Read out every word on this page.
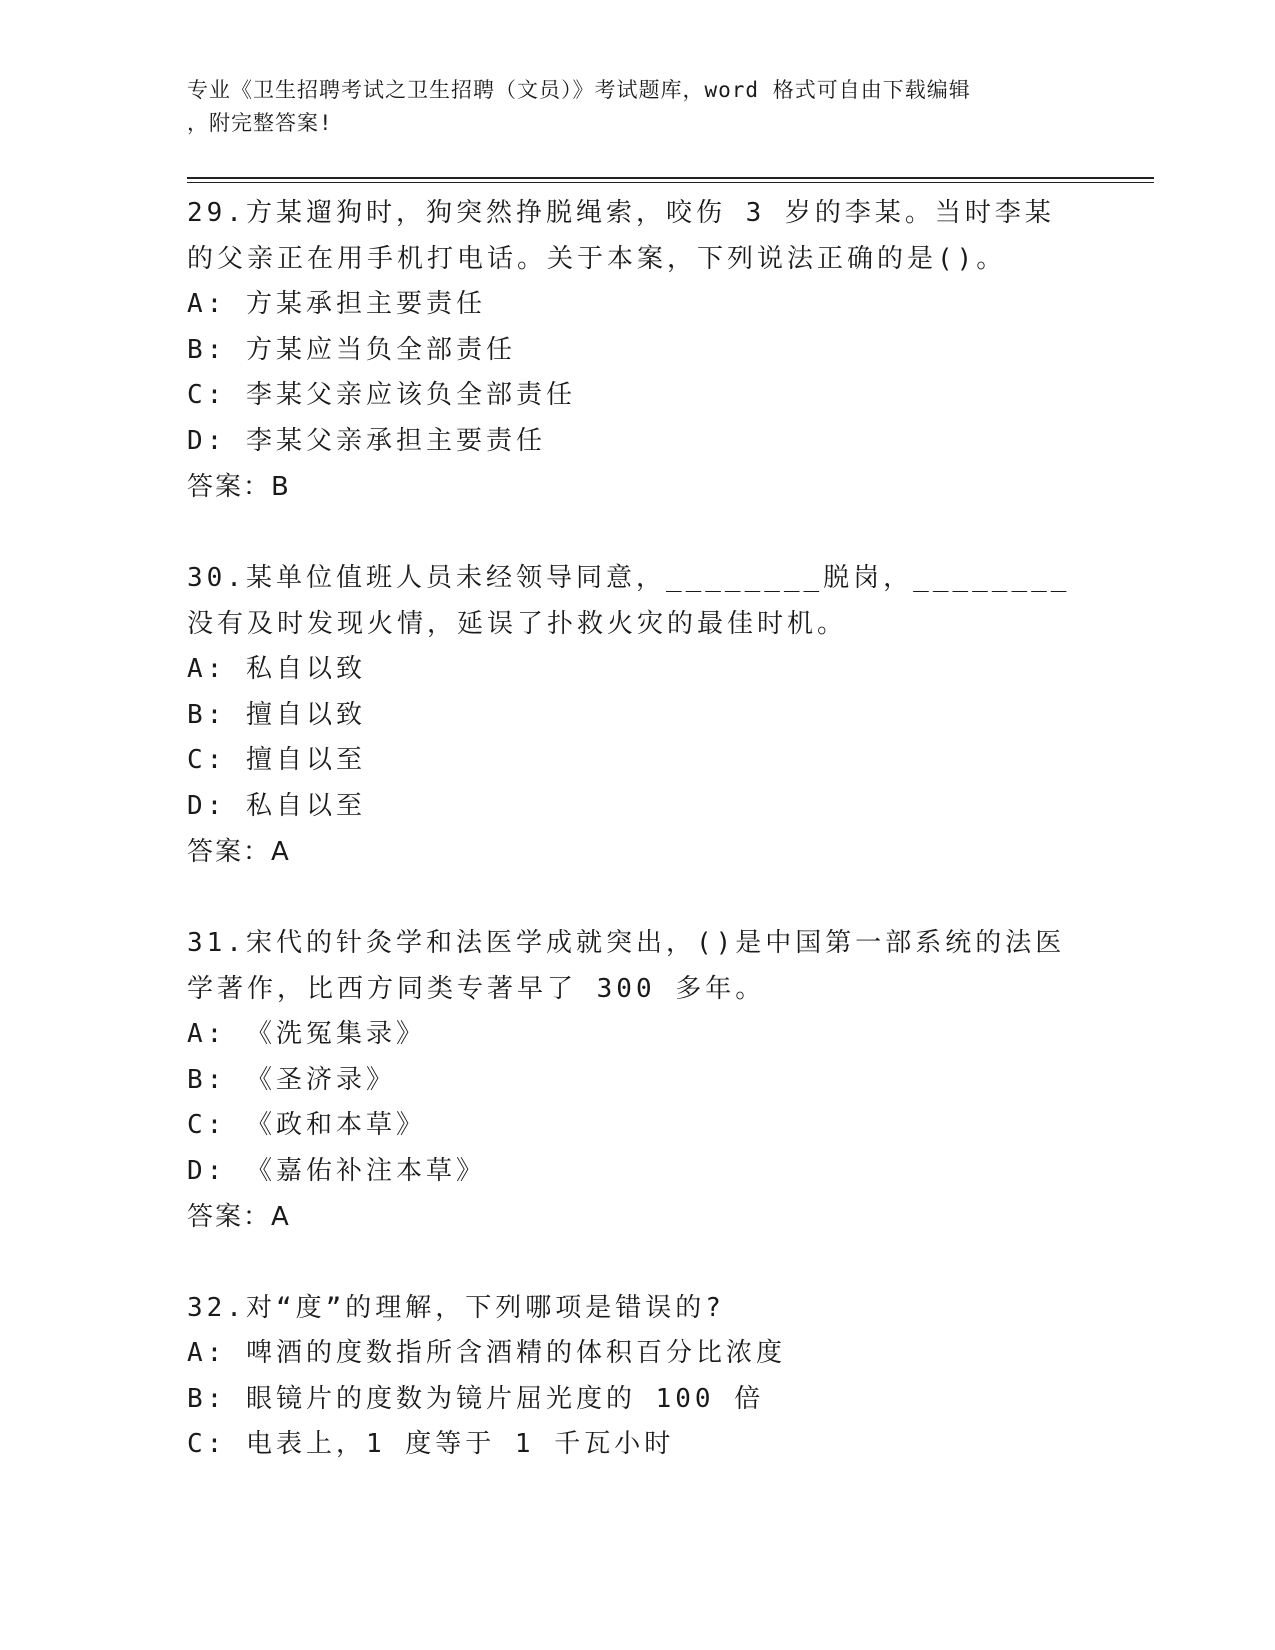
专业《卫生招聘考试之卫生招聘（文员）》考试题库，word 格式可自由下载编辑
，附完整答案!
29.方某遛狗时，狗突然挣脱绳索，咬伤 3 岁的李某。当时李某的父亲正在用手机打电话。关于本案，下列说法正确的是()。
A: 方某承担主要责任
B: 方某应当负全部责任
C: 李某父亲应该负全部责任
D: 李某父亲承担主要责任
答案：B
30.某单位值班人员未经领导同意，________脱岗，________没有及时发现火情，延误了扑救火灾的最佳时机。
A: 私自以致
B: 擅自以致
C: 擅自以至
D: 私自以至
答案：A
31.宋代的针灸学和法医学成就突出，()是中国第一部系统的法医学著作，比西方同类专著早了 300 多年。
A: 《洗冤集录》
B: 《圣济录》
C: 《政和本草》
D: 《嘉佑补注本草》
答案：A
32.对“度”的理解，下列哪项是错误的?
A: 啤酒的度数指所含酒精的体积百分比浓度
B: 眼镜片的度数为镜片屈光度的 100 倍
C: 电表上，1 度等于 1 千瓦小时
